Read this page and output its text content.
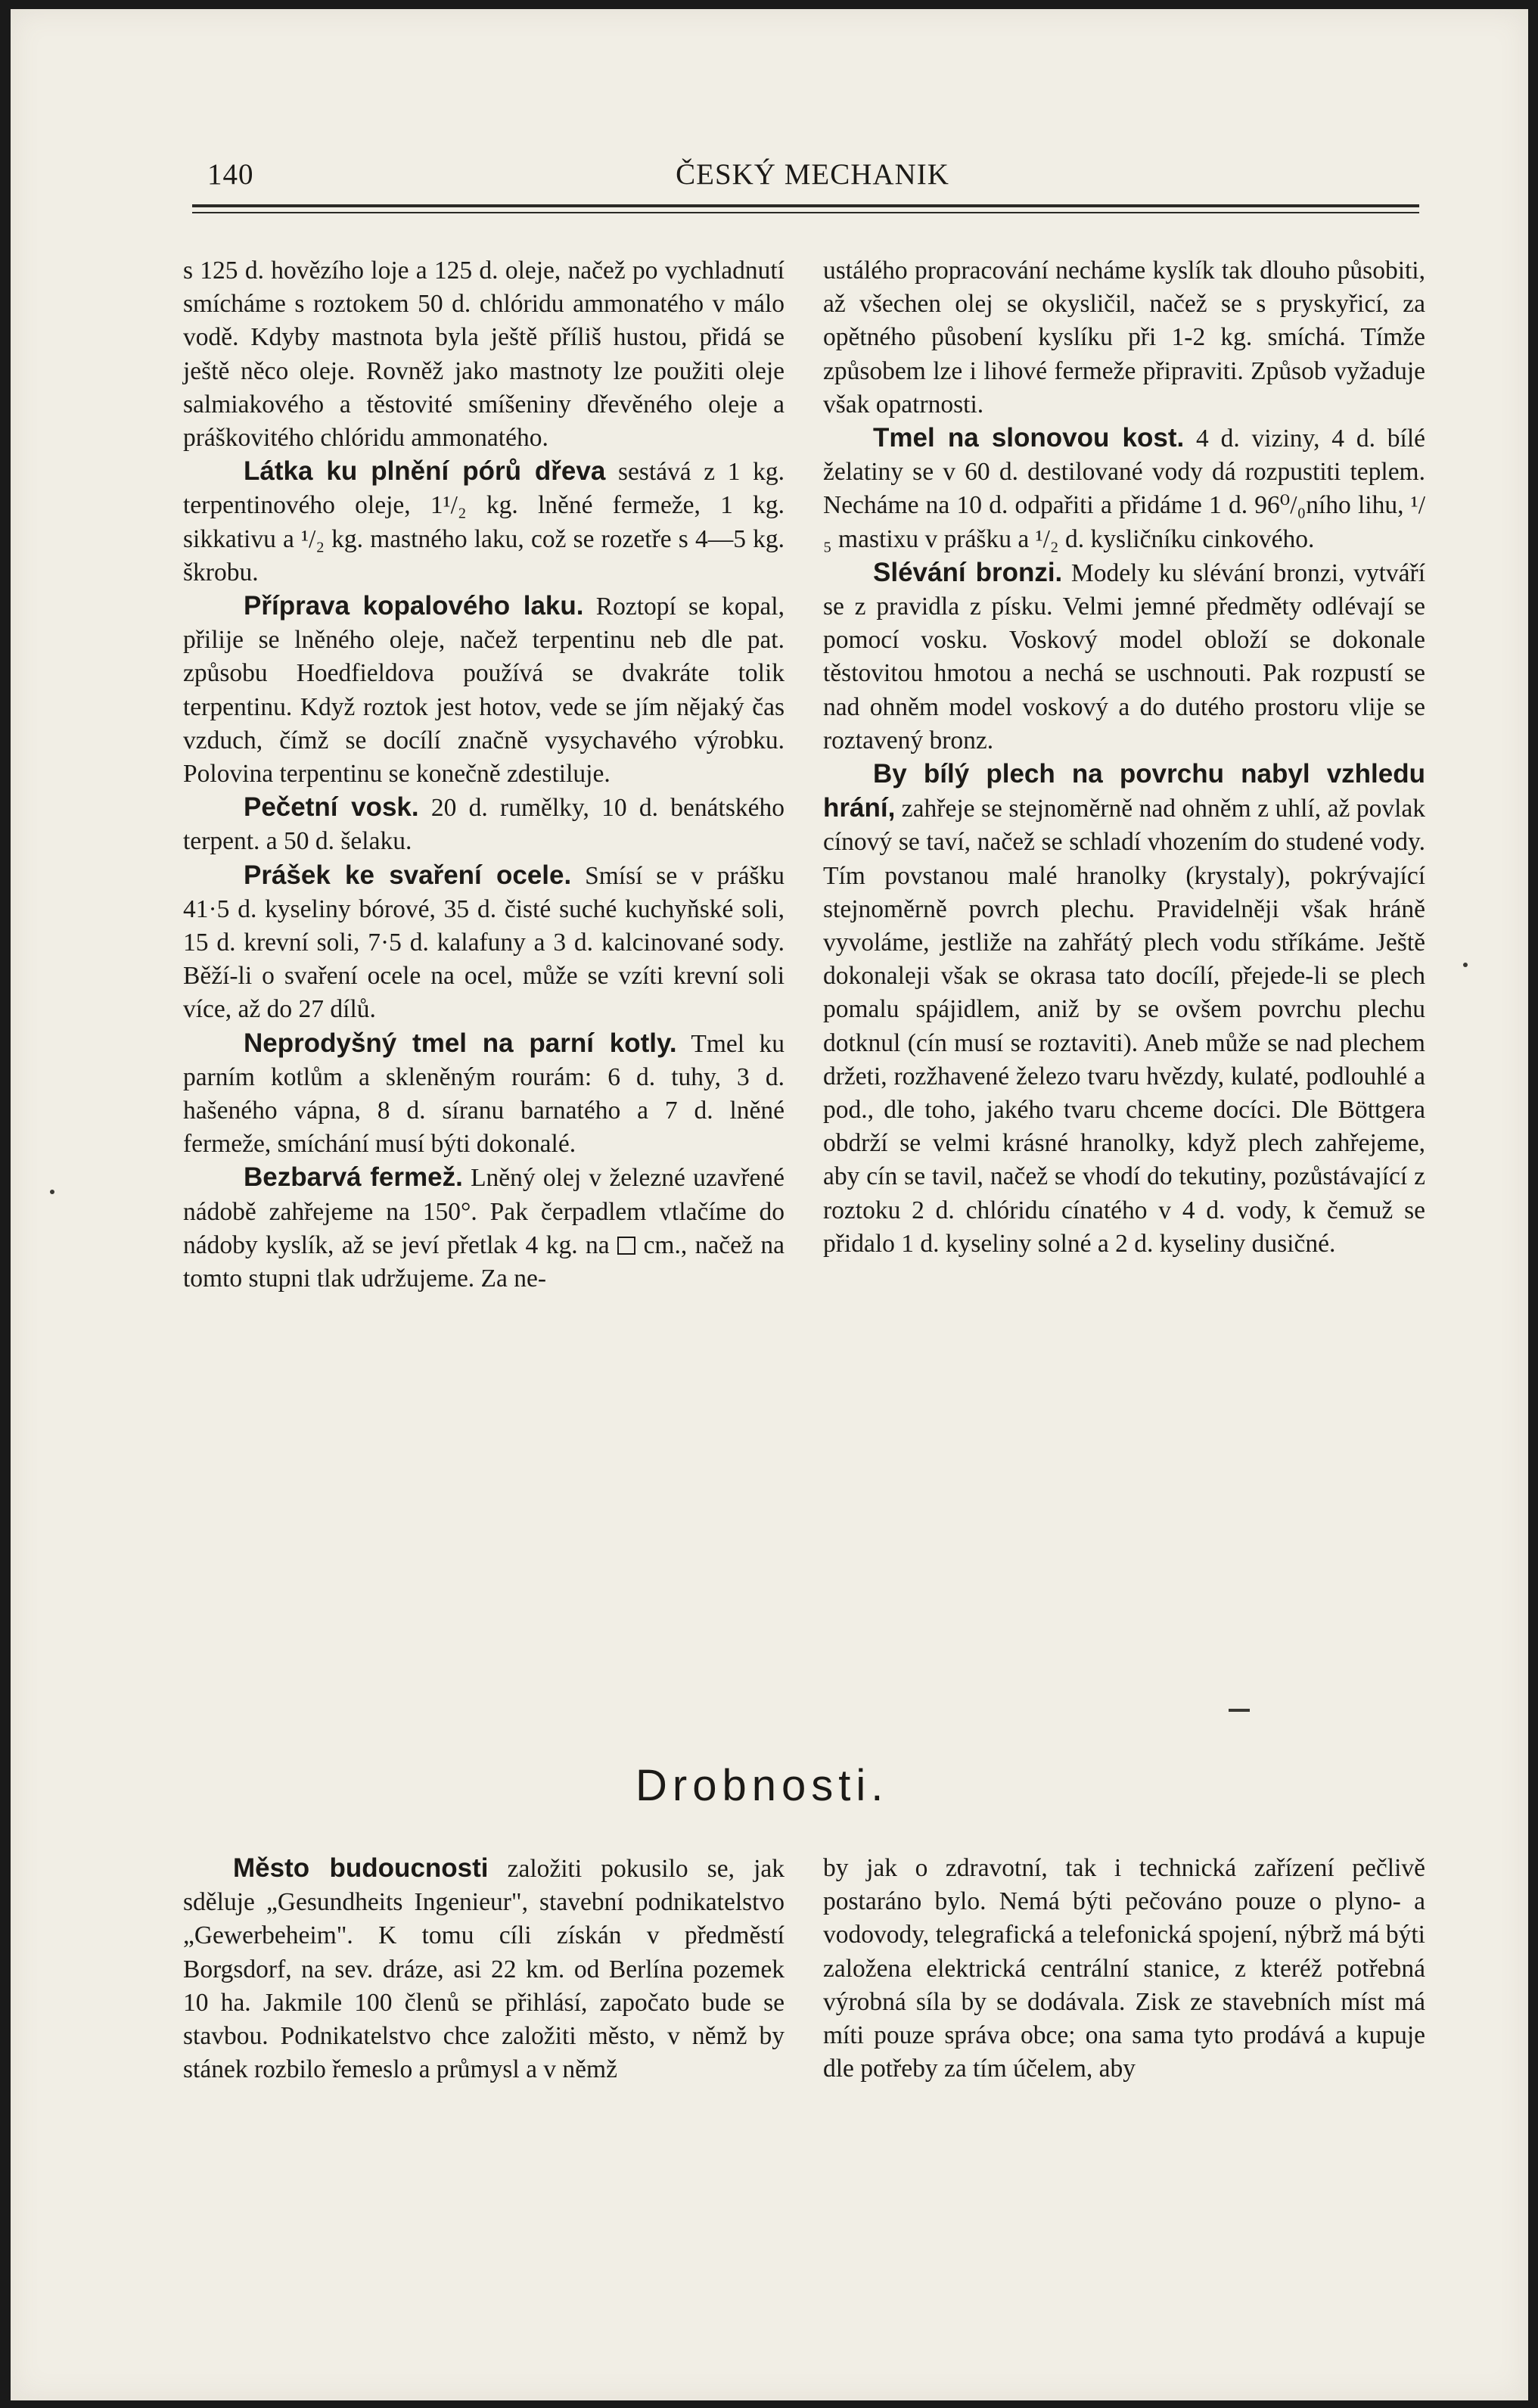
140	ČESKÝ MECHANIK

s 125 d. hovězího loje a 125 d. oleje, načež po vychladnutí smícháme s roztokem 50 d. chlóridu ammonatého v málo vodě. Kdyby mastnota byla ještě příliš hustou, přidá se ještě něco oleje. Rovněž jako mastnoty lze použiti oleje salmiakového a těstovité smíšeniny dřevěného oleje a práškovitého chlóridu ammonatého.

Látka ku plnění pórů dřeva sestává z 1 kg. terpentinového oleje, 1¹/₂ kg. lněné fermeže, 1 kg. sikkativu a ¹/₂ kg. mastného laku, což se rozetře s 4—5 kg. škrobu.

Příprava kopalového laku. Roztopí se kopal, přilije se lněného oleje, načež terpentinu neb dle pat. způsobu Hoedfieldova používá se dvakráte tolik terpentinu. Když roztok jest hotov, vede se jím nějaký čas vzduch, čímž se docílí značně vysychavého výrobku. Polovina terpentinu se konečně zdestiluje.

Pečetní vosk. 20 d. rumělky, 10 d. benátského terpent. a 50 d. šelaku.

Prášek ke svaření ocele. Smísí se v prášku 41·5 d. kyseliny bórové, 35 d. čisté suché kuchyňské soli, 15 d. krevní soli, 7·5 d. kalafuny a 3 d. kalcinované sody. Běží-li o svaření ocele na ocel, může se vzíti krevní soli více, až do 27 dílů.

Neprodyšný tmel na parní kotly. Tmel ku parním kotlům a skleněným rourám: 6 d. tuhy, 3 d. hašeného vápna, 8 d. síranu barnatého a 7 d. lněné fermeže, smíchání musí býti dokonalé.

Bezbarvá fermež. Lněný olej v železné uzavřené nádobě zahřejeme na 150°. Pak čerpadlem vtlačíme do nádoby kyslík, až se jeví přetlak 4 kg. na  cm., načež na tomto stupni tlak udržujeme. Za ne-

ustálého propracování necháme kyslík tak dlouho působiti, až všechen olej se okysličil, načež se s pryskyřicí, za opětného působení kyslíku při 1-2 kg. smíchá. Tímže způsobem lze i lihové fermeže připraviti. Způsob vyžaduje však opatrnosti.

Tmel na slonovou kost. 4 d. viziny, 4 d. bílé želatiny se v 60 d. destilované vody dá rozpustiti teplem. Necháme na 10 d. odpařiti a přidáme 1 d. 96⁰/₀ního lihu, ¹/₅ mastixu v prášku a ¹/₂ d. kysličníku cinkového.

Slévání bronzi. Modely ku slévání bronzi, vytváří se z pravidla z písku. Velmi jemné předměty odlévají se pomocí vosku. Voskový model obloží se dokonale těstovitou hmotou a nechá se uschnouti. Pak rozpustí se nad ohněm model voskový a do dutého prostoru vlije se roztavený bronz.

By bílý plech na povrchu nabyl vzhledu hrání, zahřeje se stejnoměrně nad ohněm z uhlí, až povlak cínový se taví, načež se schladí vhozením do studené vody. Tím povstanou malé hranolky (krystaly), pokrývající stejnoměrně povrch plechu. Pravidelněji však hráně vyvoláme, jestliže na zahřátý plech vodu stříkáme. Ještě dokonaleji však se okrasa tato docílí, přejede-li se plech pomalu spájidlem, aniž by se ovšem povrchu plechu dotknul (cín musí se roztaviti). Aneb může se nad plechem držeti, rozžhavené železo tvaru hvězdy, kulaté, podlouhlé a pod., dle toho, jakého tvaru chceme docíci. Dle Böttgera obdrží se velmi krásné hranolky, když plech zahřejeme, aby cín se tavil, načež se vhodí do tekutiny, pozůstávající z roztoku 2 d. chlóridu cínatého v 4 d. vody, k čemuž se přidalo 1 d. kyseliny solné a 2 d. kyseliny dusičné.

Drobnosti.

Město budoucnosti založiti pokusilo se, jak sděluje „Gesundheits Ingenieur", stavební podnikatelstvo „Gewerbeheim". K tomu cíli získán v předměstí Borgsdorf, na sev. dráze, asi 22 km. od Berlína pozemek 10 ha. Jakmile 100 členů se přihlásí, započato bude se stavbou. Podnikatelstvo chce založiti město, v němž by stánek rozbilo řemeslo a průmysl a v němž

by jak o zdravotní, tak i technická zařízení pečlivě postaráno bylo. Nemá býti pečováno pouze o plyno- a vodovody, telegrafická a telefonická spojení, nýbrž má býti založena elektrická centrální stanice, z kteréž potřebná výrobná síla by se dodávala. Zisk ze stavebních míst má míti pouze správa obce; ona sama tyto prodává a kupuje dle potřeby za tím účelem, aby
